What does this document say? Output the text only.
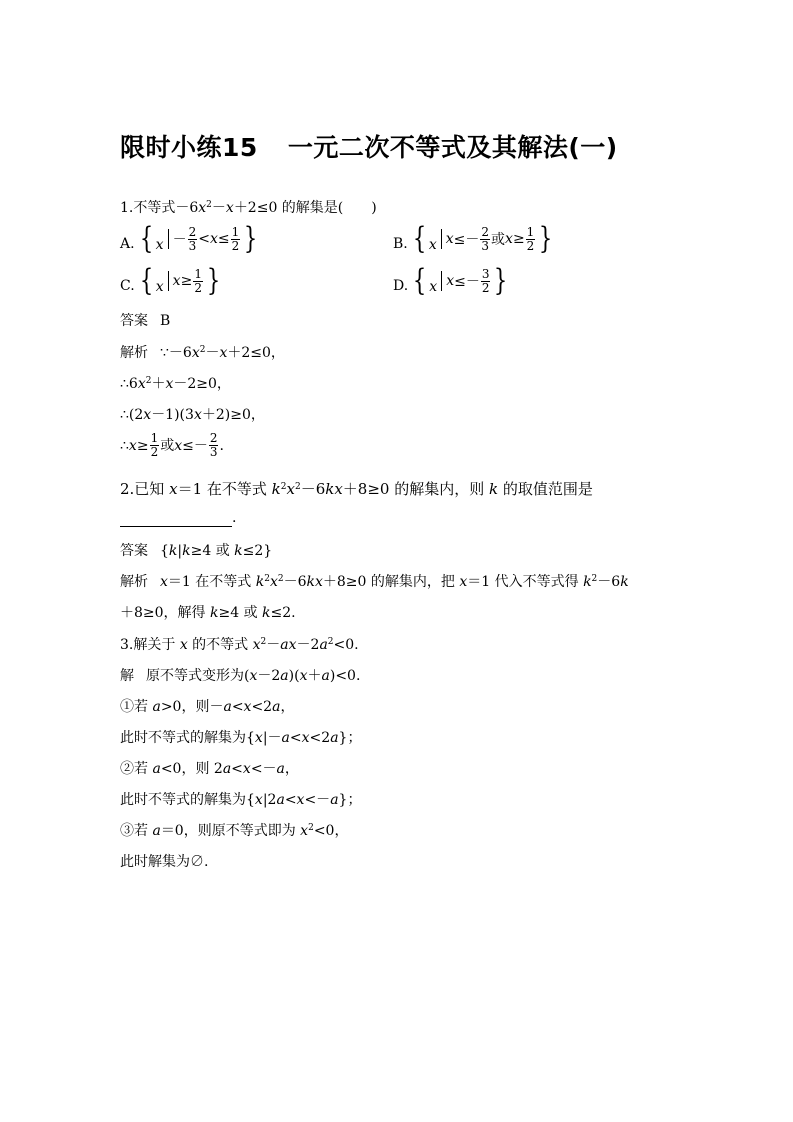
限时小练15 一元二次不等式及其解法(一)
1.不等式$-6x^2-x+2\le 0$ 的解集是(　　)
A. { $x - \frac{2}{3} < x \le \frac{1}{2}$ }	B. { x $x \le- \frac{2}{3}$ 或 $x \ge \frac{1}{2}$ }
C. { x $x \ge \frac{1}{2}$ }	D. { x $x \le- \frac{3}{2}$ }
答案 B
解析 $\because-6x^2-x+2\le 0$，
$\therefore 6x^2+x-2\ge 0$，
∴(2x－1)(3x＋2)≥0，
∴ $x \ge \frac{1}{2}$ 或 $x \le- \frac{2}{3}$ .
2.已知 x＝1 在不等式 $k^2x^2-6kx+8\ge 0$ 的解集内，则 k 的取值范围是
.
答案 {k|k≥4 或 k≤2}
解析 x＝1 在不等式 $k^2x^2-6kx+8\ge 0$ 的解集内，把 x＝1 代入不等式得 $k^2-6k$
＋8≥0，解得 k≥4 或 k≤2.
3.解关于 x 的不等式 $x^2-ax-2a^2<0$.
解 原不等式变形为(x－2a)(x＋a)<0.
①若 a>0，则－a<x<2a，
此时不等式的解集为{x|－a<x<2a}；
②若 a<0，则 2a<x<－a，
此时不等式的解集为{x|2a<x<－a}；
③若 a＝0，则原不等式即为 $x^2<0$，
此时解集为∅.
